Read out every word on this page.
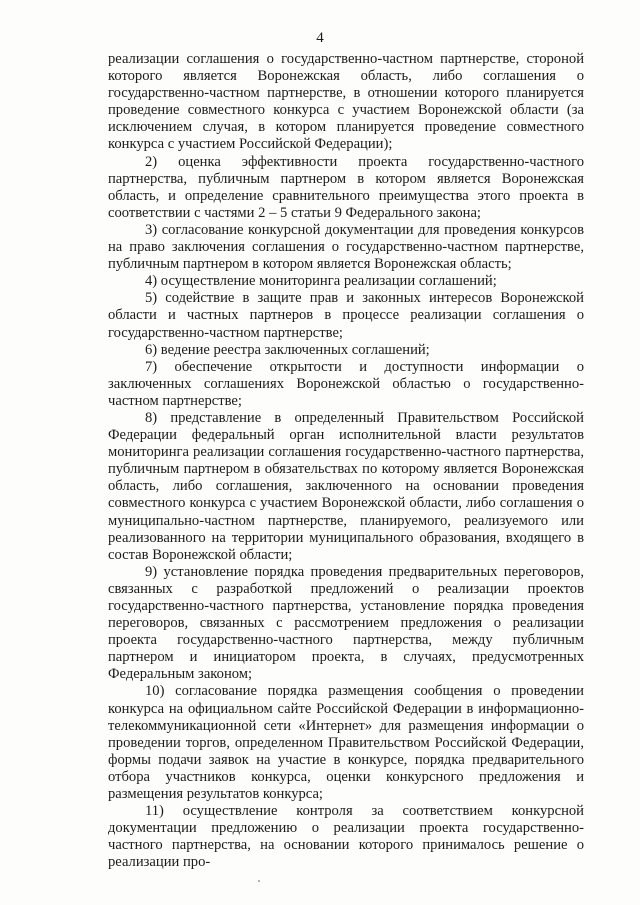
4

реализации соглашения о государственно-частном партнерстве, стороной которого является Воронежская область, либо соглашения о государственно-частном партнерстве, в отношении которого планируется проведение совместного конкурса с участием Воронежской области (за исключением случая, в котором планируется проведение совместного конкурса с участием Российской Федерации);

2) оценка эффективности проекта государственно-частного партнерства, публичным партнером в котором является Воронежская область, и определение сравнительного преимущества этого проекта в соответствии с частями 2 – 5 статьи 9 Федерального закона;

3) согласование конкурсной документации для проведения конкурсов на право заключения соглашения о государственно-частном партнерстве, публичным партнером в котором является Воронежская область;

4) осуществление мониторинга реализации соглашений;

5) содействие в защите прав и законных интересов Воронежской области и частных партнеров в процессе реализации соглашения о государственно-частном партнерстве;

6) ведение реестра заключенных соглашений;

7) обеспечение открытости и доступности информации о заключенных соглашениях Воронежской областью о государственно-частном партнерстве;

8) представление в определенный Правительством Российской Федерации федеральный орган исполнительной власти результатов мониторинга реализации соглашения государственно-частного партнерства, публичным партнером в обязательствах по которому является Воронежская область, либо соглашения, заключенного на основании проведения совместного конкурса с участием Воронежской области, либо соглашения о муниципально-частном партнерстве, планируемого, реализуемого или реализованного на территории муниципального образования, входящего в состав Воронежской области;

9) установление порядка проведения предварительных переговоров, связанных с разработкой предложений о реализации проектов государственно-частного партнерства, установление порядка проведения переговоров, связанных с рассмотрением предложения о реализации проекта государственно-частного партнерства, между публичным партнером и инициатором проекта, в случаях, предусмотренных Федеральным законом;

10) согласование порядка размещения сообщения о проведении конкурса на официальном сайте Российской Федерации в информационно-телекоммуникационной сети «Интернет» для размещения информации о проведении торгов, определенном Правительством Российской Федерации, формы подачи заявок на участие в конкурсе, порядка предварительного отбора участников конкурса, оценки конкурсного предложения и размещения результатов конкурса;

11) осуществление контроля за соответствием конкурсной документации предложению о реализации проекта государственно-частного партнерства, на основании которого принималось решение о реализации про-
